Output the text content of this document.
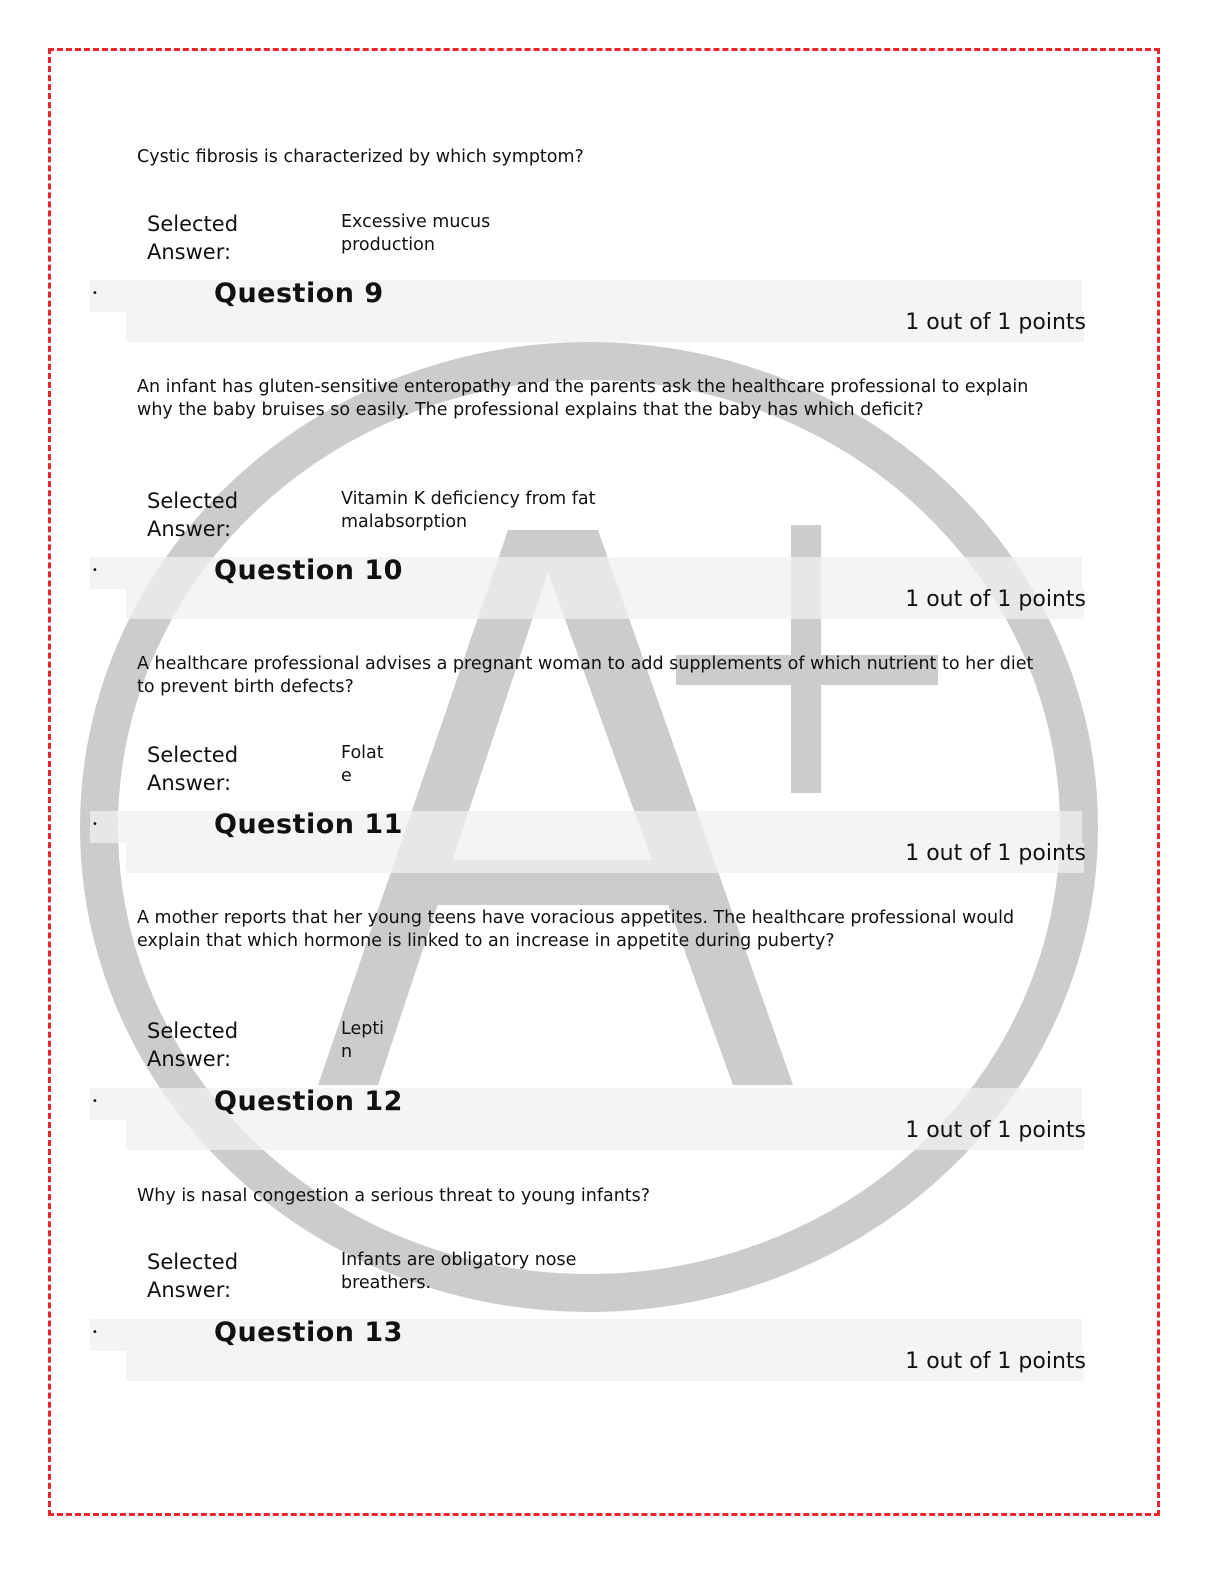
Cystic fibrosis is characterized by which symptom?
Selected Answer:
Excessive mucus
production
•	Question 9
1 out of 1 points
An infant has gluten-sensitive enteropathy and the parents ask the healthcare professional to explain why the baby bruises so easily. The professional explains that the baby has which deficit?
Selected Answer:
Vitamin K deficiency from fat
malabsorption
•	Question 10
1 out of 1 points
A healthcare professional advises a pregnant woman to add supplements of which nutrient to her diet to prevent birth defects?
Selected Answer:
Folat
e
•	Question 11
1 out of 1 points
A mother reports that her young teens have voracious appetites. The healthcare professional would explain that which hormone is linked to an increase in appetite during puberty?
Selected Answer:
Lepti
n
•	Question 12
1 out of 1 points
Why is nasal congestion a serious threat to young infants?
Selected Answer:
Infants are obligatory nose
breathers.
•	Question 13
1 out of 1 points
